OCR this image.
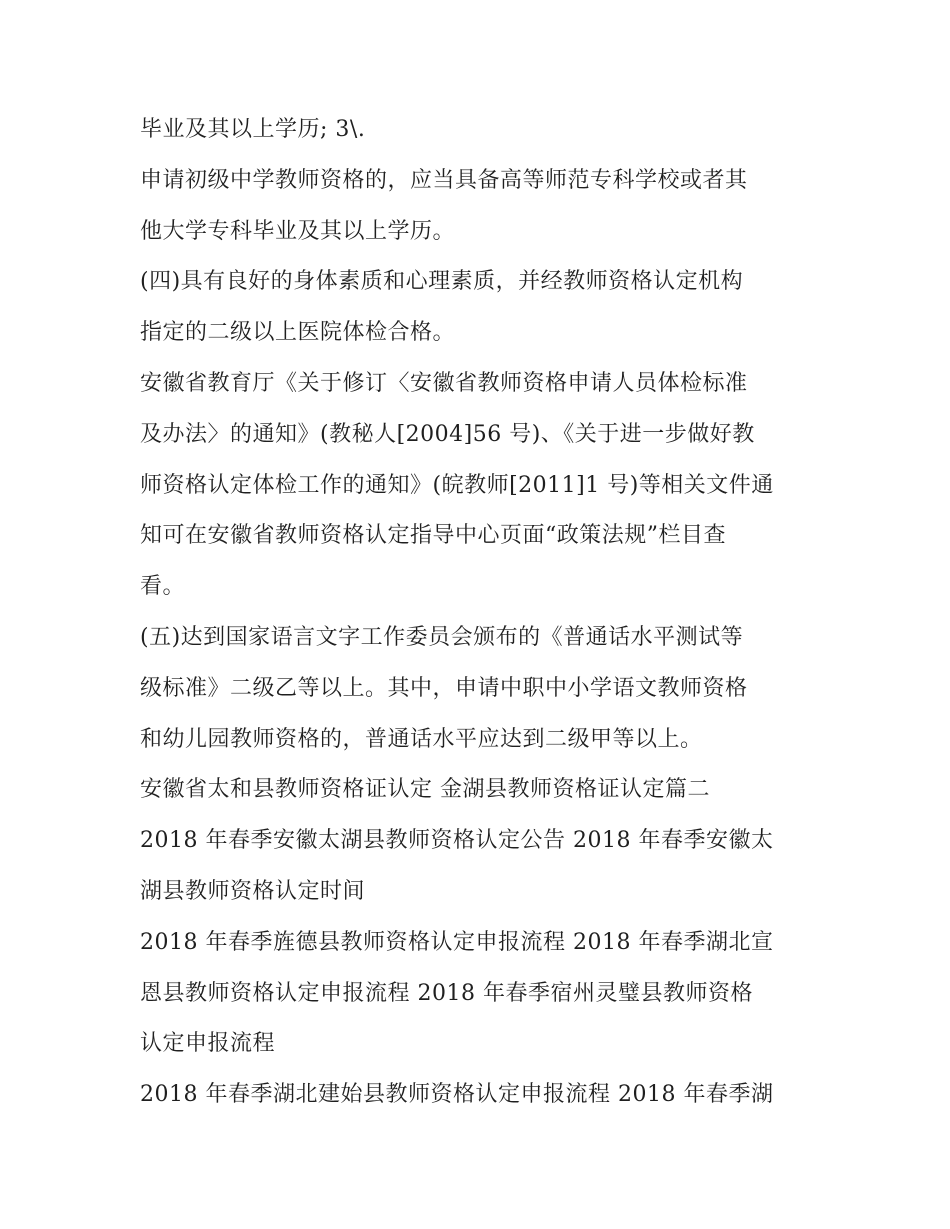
毕业及其以上学历; 3\.
申请初级中学教师资格的，应当具备高等师范专科学校或者其
他大学专科毕业及其以上学历。
(四)具有良好的身体素质和心理素质，并经教师资格认定机构
指定的二级以上医院体检合格。
安徽省教育厅《关于修订〈安徽省教师资格申请人员体检标准
及办法〉的通知》(教秘人[2004]56 号)、《关于进一步做好教
师资格认定体检工作的通知》(皖教师[2011]1 号)等相关文件通
知可在安徽省教师资格认定指导中心页面“政策法规”栏目查
看。
(五)达到国家语言文字工作委员会颁布的《普通话水平测试等
级标准》二级乙等以上。其中，申请中职中小学语文教师资格
和幼儿园教师资格的，普通话水平应达到二级甲等以上。
安徽省太和县教师资格证认定 金湖县教师资格证认定篇二
2018 年春季安徽太湖县教师资格认定公告 2018 年春季安徽太
湖县教师资格认定时间
2018 年春季旌德县教师资格认定申报流程 2018 年春季湖北宣
恩县教师资格认定申报流程 2018 年春季宿州灵璧县教师资格
认定申报流程
2018 年春季湖北建始县教师资格认定申报流程 2018 年春季湖
